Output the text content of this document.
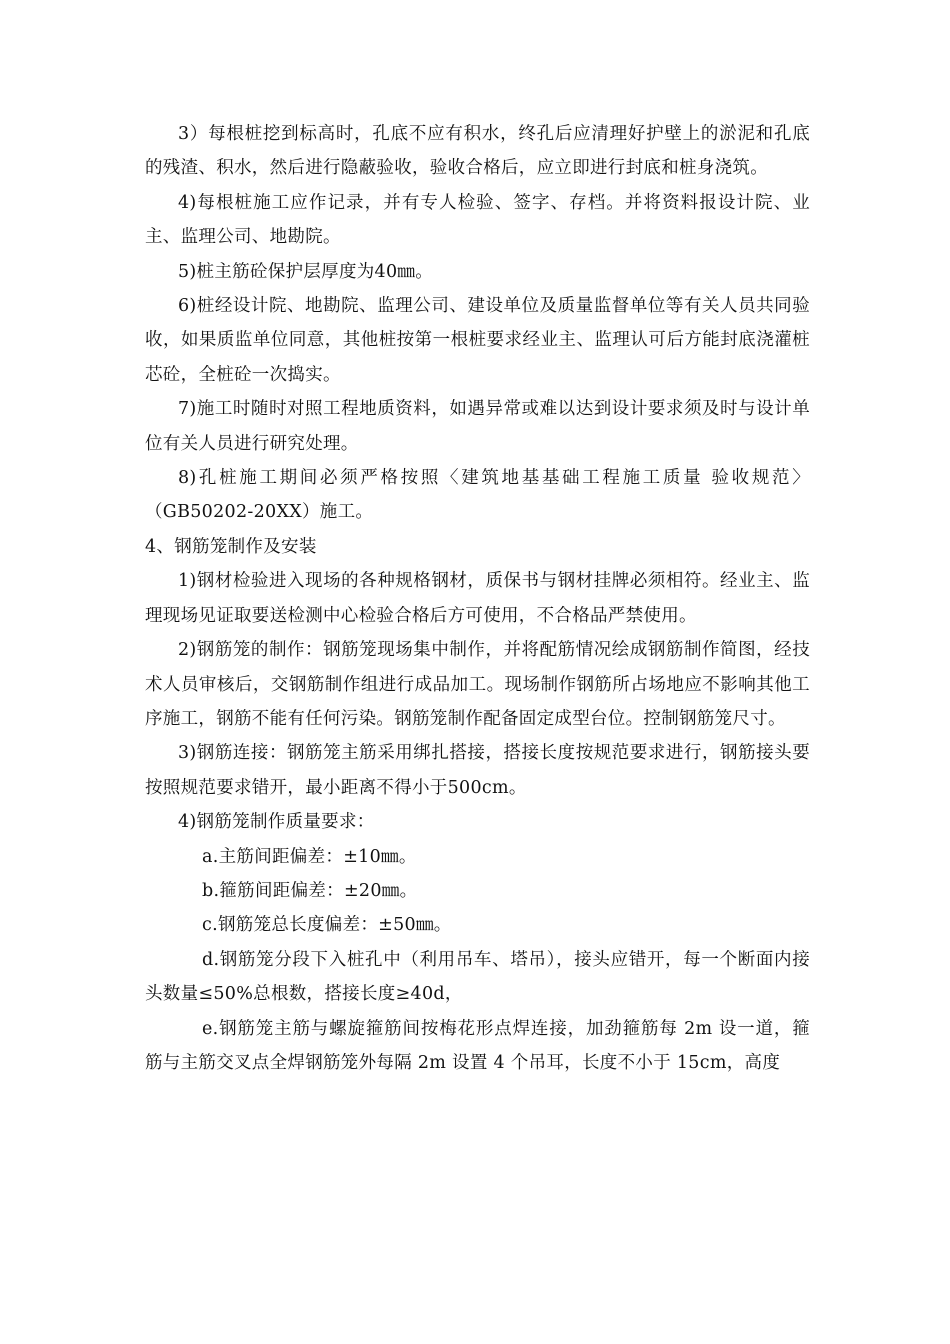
3）每根桩挖到标高时，孔底不应有积水，终孔后应清理好护壁上的淤泥和孔底的残渣、积水，然后进行隐蔽验收，验收合格后，应立即进行封底和桩身浇筑。

4)每根桩施工应作记录，并有专人检验、签字、存档。并将资料报设计院、业主、监理公司、地勘院。

5)桩主筋砼保护层厚度为40㎜。

6)桩经设计院、地勘院、监理公司、建设单位及质量监督单位等有关人员共同验收，如果质监单位同意，其他桩按第一根桩要求经业主、监理认可后方能封底浇灌桩芯砼，全桩砼一次捣实。

7)施工时随时对照工程地质资料，如遇异常或难以达到设计要求须及时与设计单位有关人员进行研究处理。

8)孔桩施工期间必须严格按照〈建筑地基基础工程施工质量 验收规范〉（GB50202-20XX）施工。

4、钢筋笼制作及安装

1)钢材检验进入现场的各种规格钢材，质保书与钢材挂牌必须相符。经业主、监理现场见证取要送检测中心检验合格后方可使用，不合格品严禁使用。

2)钢筋笼的制作：钢筋笼现场集中制作，并将配筋情况绘成钢筋制作简图，经技术人员审核后，交钢筋制作组进行成品加工。现场制作钢筋所占场地应不影响其他工序施工，钢筋不能有任何污染。钢筋笼制作配备固定成型台位。控制钢筋笼尺寸。

3)钢筋连接：钢筋笼主筋采用绑扎搭接，搭接长度按规范要求进行，钢筋接头要按照规范要求错开，最小距离不得小于500cm。

4)钢筋笼制作质量要求：

a.主筋间距偏差：±10㎜。

b.箍筋间距偏差：±20㎜。

c.钢筋笼总长度偏差：±50㎜。

d.钢筋笼分段下入桩孔中（利用吊车、塔吊），接头应错开，每一个断面内接头数量≤50%总根数，搭接长度≥40d，

e.钢筋笼主筋与螺旋箍筋间按梅花形点焊连接，加劲箍筋每 2m 设一道，箍筋与主筋交叉点全焊钢筋笼外每隔 2m 设置 4 个吊耳，长度不小于 15cm，高度
